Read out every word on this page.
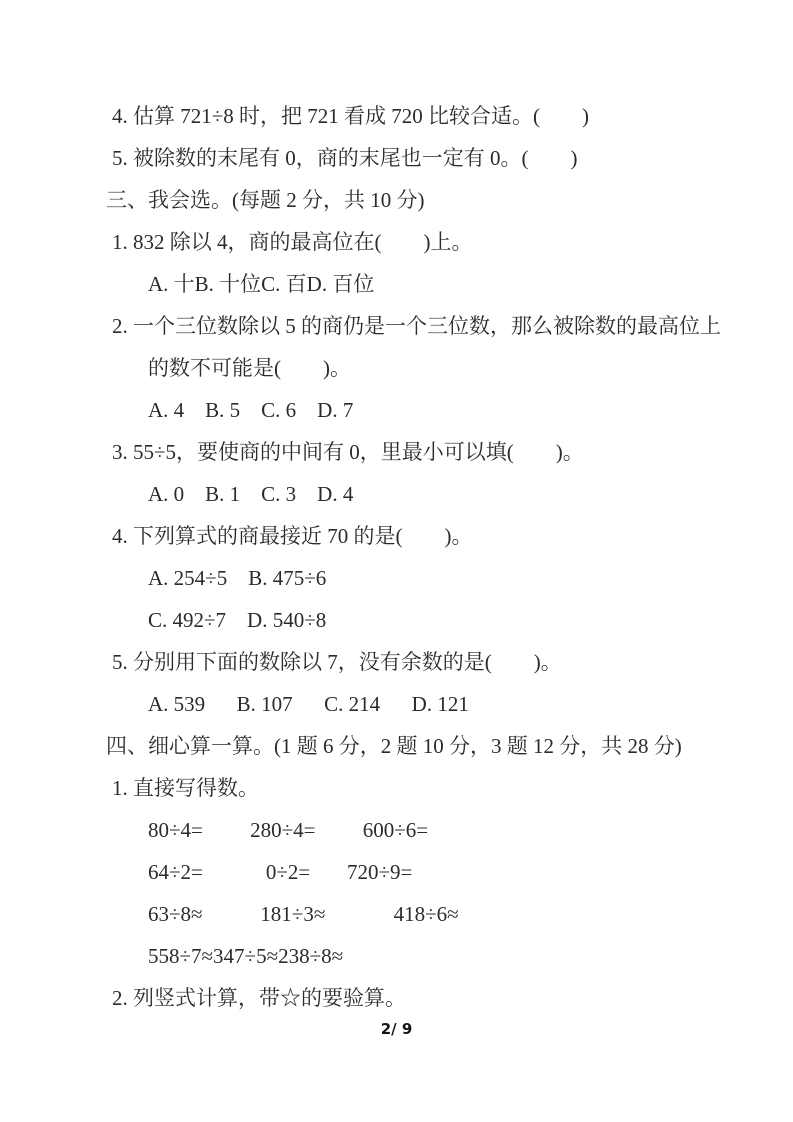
4. 估算 721÷8 时，把 721 看成 720 比较合适。(        )

5. 被除数的末尾有 0，商的末尾也一定有 0。(        )

三、我会选。(每题 2 分，共 10 分)

1. 832 除以 4，商的最高位在(        )上。

A. 十B. 十位C. 百D. 百位

2. 一个三位数除以 5 的商仍是一个三位数，那么被除数的最高位上

的数不可能是(        )。

A. 4    B. 5    C. 6    D. 7

3. 55÷5，要使商的中间有 0，里最小可以填(        )。

A. 0    B. 1    C. 3    D. 4

4. 下列算式的商最接近 70 的是(        )。

A. 254÷5    B. 475÷6

C. 492÷7    D. 540÷8

5. 分别用下面的数除以 7，没有余数的是(        )。

A. 539      B. 107      C. 214      D. 121

四、细心算一算。(1 题 6 分，2 题 10 分，3 题 12 分，共 28 分)

1. 直接写得数。

80÷4=         280÷4=         600÷6=

64÷2=            0÷2=       720÷9=

63÷8≈           181÷3≈             418÷6≈

558÷7≈347÷5≈238÷8≈

2. 列竖式计算，带☆的要验算。

2/ 9
